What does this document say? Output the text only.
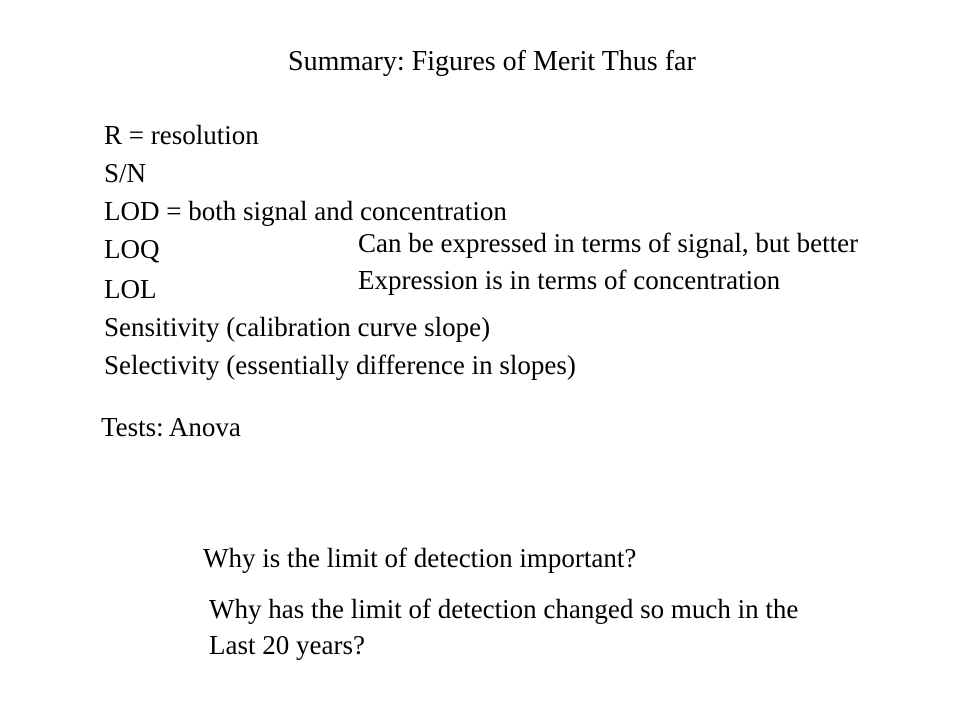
Summary: Figures of Merit Thus far

R = resolution

S/N

LOD = both signal and concentration

LOQ

LOL

Sensitivity (calibration curve slope)

Selectivity (essentially difference in slopes)

Can be expressed in terms of signal, but better

Expression is in terms of concentration

Tests: Anova

Why is the limit of detection important?

Why has the limit of detection changed so much in the

Last 20 years?
